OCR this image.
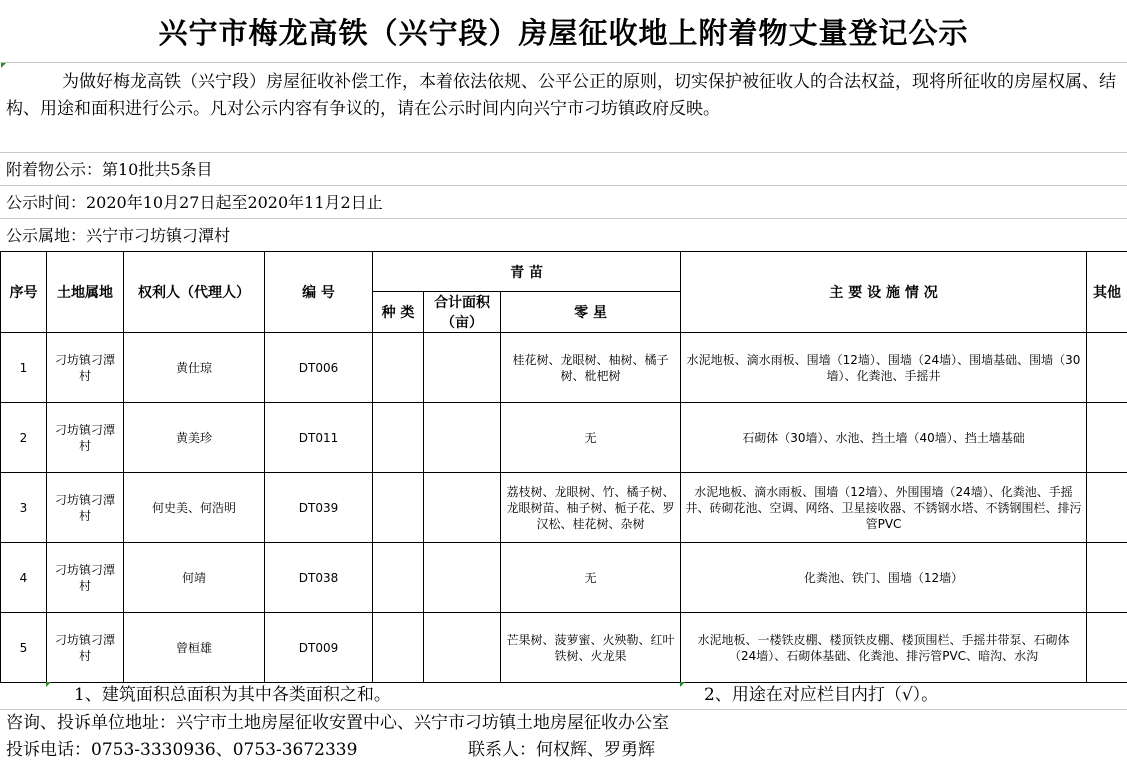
兴宁市梅龙高铁（兴宁段）房屋征收地上附着物丈量登记公示
为做好梅龙高铁（兴宁段）房屋征收补偿工作，本着依法依规、公平公正的原则，切实保护被征收人的合法权益，现将所征收的房屋权属、结构、用途和面积进行公示。凡对公示内容有争议的，请在公示时间内向兴宁市刁坊镇政府反映。
附着物公示：第10批共5条目
公示时间：2020年10月27日起至2020年11月2日止
公示属地：兴宁市刁坊镇刁潭村
序号	土地属地	权利人（代理人）	编 号	青 苗			主 要 设 施 情 况	其他
				种 类	合计面积（亩）	零 星		
1	刁坊镇刁潭村	黄仕琼	DT006			桂花树、龙眼树、柚树、橘子树、枇杷树	水泥地板、滴水雨板、围墙（12墙）、围墙（24墙）、围墙基础、围墙（30墙）、化粪池、手摇井	
2	刁坊镇刁潭村	黄美珍	DT011			无	石砌体（30墙）、水池、挡土墙（40墙）、挡土墙基础	
3	刁坊镇刁潭村	何史美、何浩明	DT039			荔枝树、龙眼树、竹、橘子树、龙眼树苗、柚子树、栀子花、罗汉松、桂花树、杂树	水泥地板、滴水雨板、围墙（12墙）、外围围墙（24墙）、化粪池、手摇井、砖砌花池、空调、网络、卫星接收器、不锈钢水塔、不锈钢围栏、排污管PVC	
4	刁坊镇刁潭村	何靖	DT038			无	化粪池、铁门、围墙（12墙）	
5	刁坊镇刁潭村	曾桓雄	DT009			芒果树、菠萝蜜、火殃勒、红叶铁树、火龙果	水泥地板、一楼铁皮棚、楼顶铁皮棚、楼顶围栏、手摇井带泵、石砌体（24墙）、石砌体基础、化粪池、排污管PVC、暗沟、水沟	
1、建筑面积总面积为其中各类面积之和。	2、用途在对应栏目内打（√）。
咨询、投诉单位地址：兴宁市土地房屋征收安置中心、兴宁市刁坊镇土地房屋征收办公室
投诉电话：0753-3330936、0753-3672339	联系人：何权辉、罗勇辉
